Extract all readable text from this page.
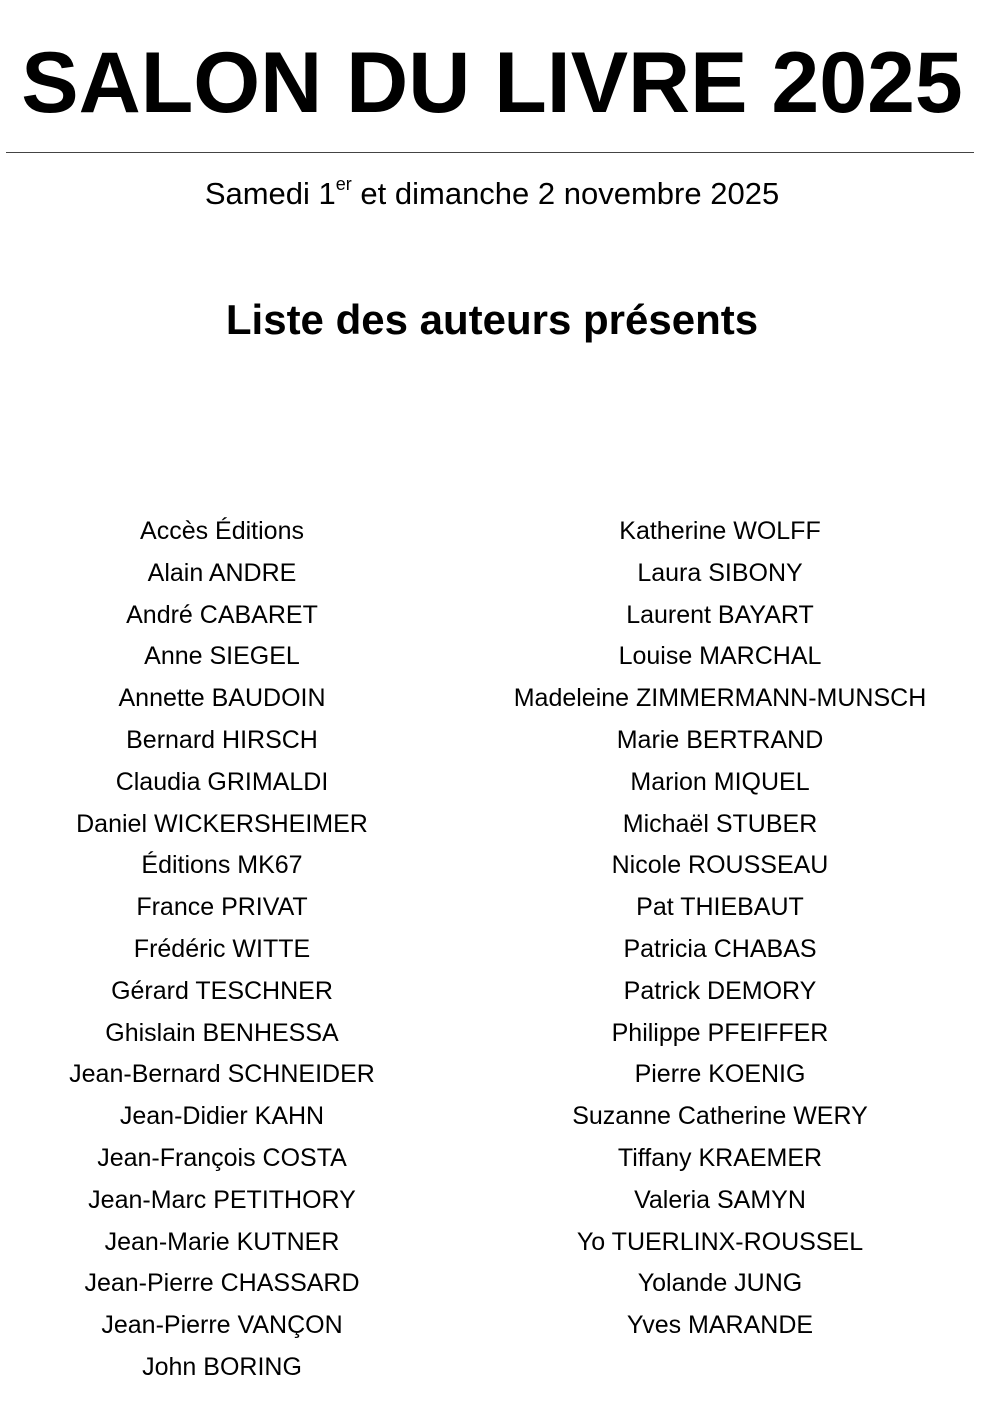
SALON DU LIVRE 2025

Samedi 1er et dimanche 2 novembre 2025

Liste des auteurs présents
Accès Éditions
Alain ANDRE
André CABARET
Anne SIEGEL
Annette BAUDOIN
Bernard HIRSCH
Claudia GRIMALDI
Daniel WICKERSHEIMER
Éditions MK67
France PRIVAT
Frédéric WITTE
Gérard TESCHNER
Ghislain BENHESSA
Jean-Bernard SCHNEIDER
Jean-Didier KAHN
Jean-François COSTA
Jean-Marc PETITHORY
Jean-Marie KUTNER
Jean-Pierre CHASSARD
Jean-Pierre VANÇON
John BORING
Katherine WOLFF
Laura SIBONY
Laurent BAYART
Louise MARCHAL
Madeleine ZIMMERMANN-MUNSCH
Marie BERTRAND
Marion MIQUEL
Michaël STUBER
Nicole ROUSSEAU
Pat THIEBAUT
Patricia CHABAS
Patrick DEMORY
Philippe PFEIFFER
Pierre KOENIG
Suzanne Catherine WERY
Tiffany KRAEMER
Valeria SAMYN
Yo TUERLINX-ROUSSEL
Yolande JUNG
Yves MARANDE
